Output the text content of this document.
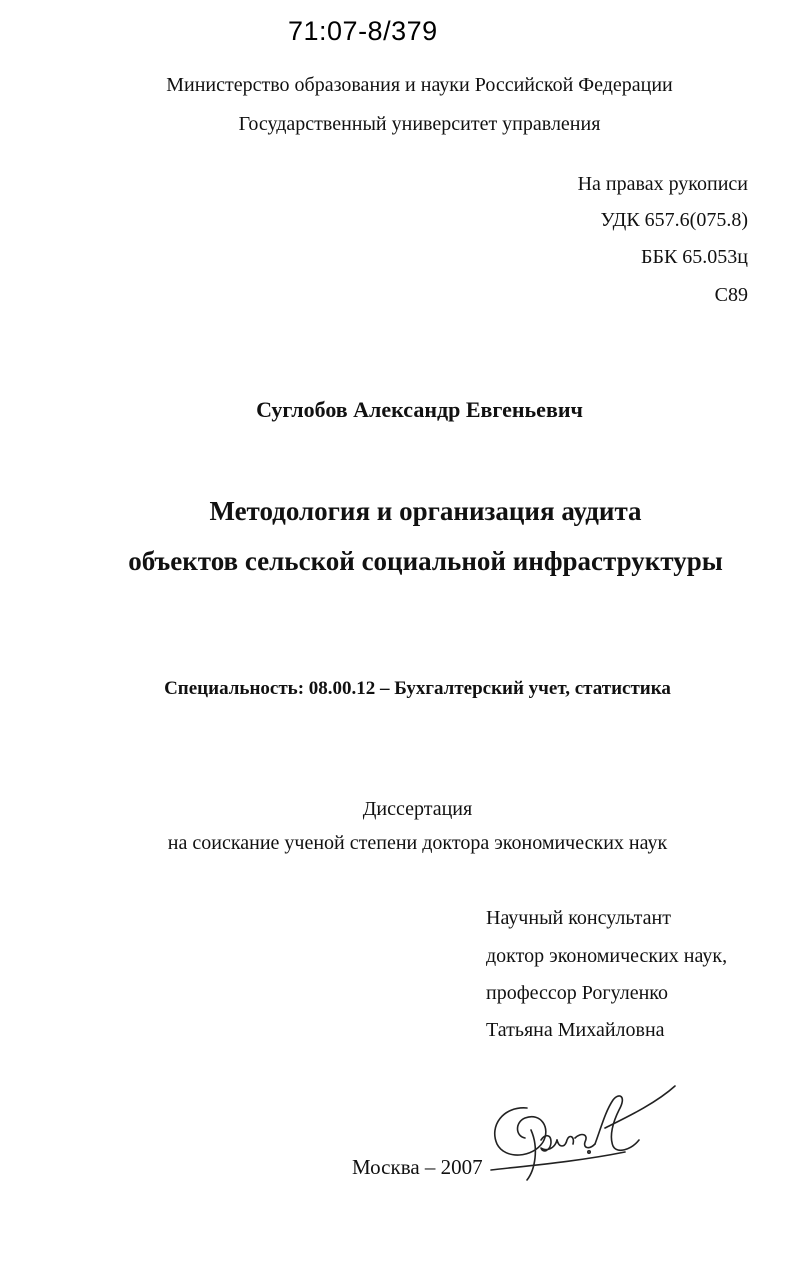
71:07-8/379
Министерство образования и науки Российской Федерации
Государственный университет управления
На правах рукописи
УДК 657.6(075.8)
ББК 65.053ц
С89
Суглобов Александр Евгеньевич
Методология и организация аудита
объектов сельской социальной инфраструктуры
Специальность: 08.00.12 – Бухгалтерский учет, статистика
Диссертация
на соискание ученой степени доктора экономических наук
Научный консультант
доктор экономических наук,
профессор Рогуленко
Татьяна Михайловна
Москва – 2007
